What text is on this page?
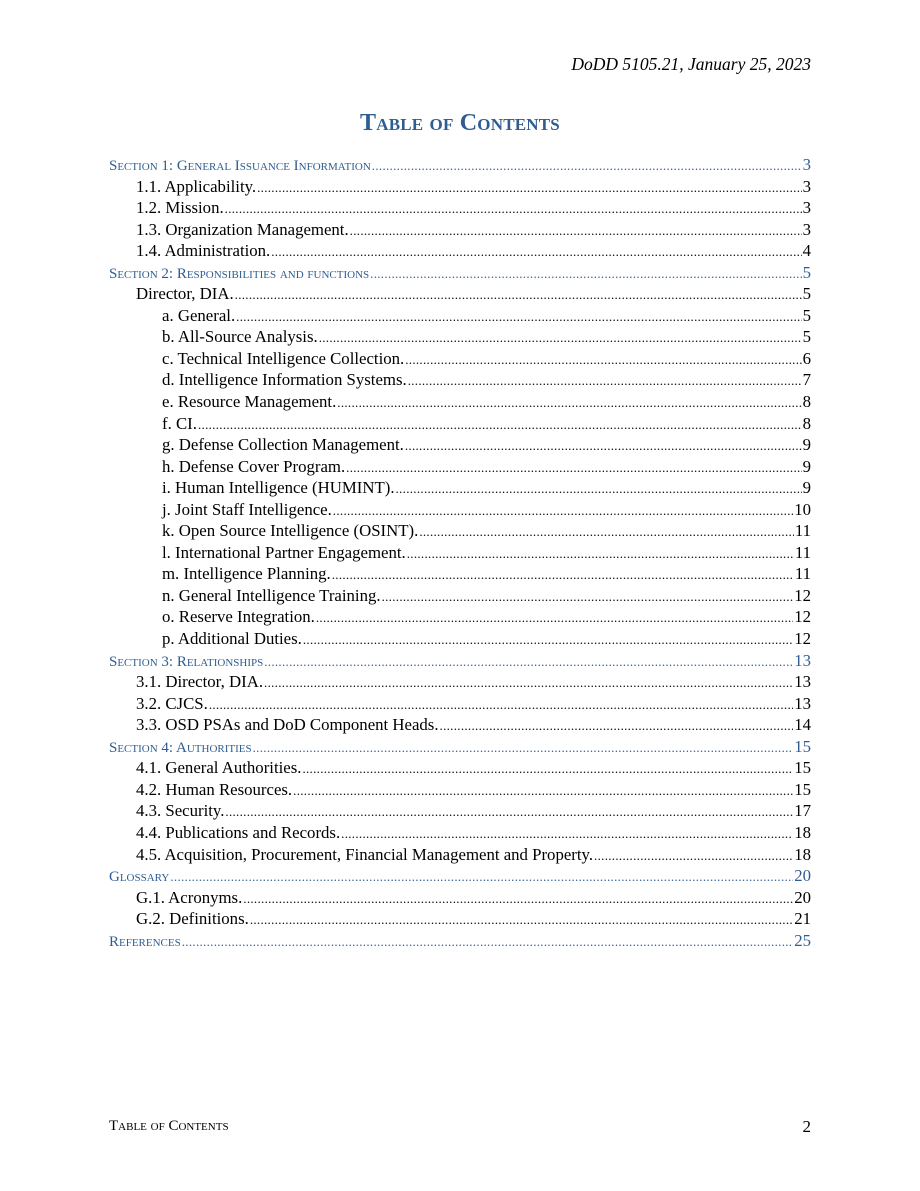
DoDD 5105.21, January 25, 2023
Table of Contents
Section 1: General Issuance Information .....	3
1.1. Applicability. .....	3
1.2. Mission. .....	3
1.3. Organization Management. .....	3
1.4. Administration. .....	4
Section 2: Responsibilities and functions .....	5
Director, DIA. .....	5
a. General. .....	5
b. All-Source Analysis. .....	5
c. Technical Intelligence Collection. .....	6
d. Intelligence Information Systems. .....	7
e. Resource Management. .....	8
f. CI. .....	8
g. Defense Collection Management. .....	9
h. Defense Cover Program. .....	9
i. Human Intelligence (HUMINT). .....	9
j. Joint Staff Intelligence. .....	10
k. Open Source Intelligence (OSINT). .....	11
l. International Partner Engagement. .....	11
m. Intelligence Planning. .....	11
n. General Intelligence Training. .....	12
o. Reserve Integration. .....	12
p. Additional Duties. .....	12
Section 3: Relationships .....	13
3.1. Director, DIA. .....	13
3.2. CJCS. .....	13
3.3. OSD PSAs and DoD Component Heads. .....	14
Section 4: Authorities .....	15
4.1. General Authorities. .....	15
4.2. Human Resources. .....	15
4.3. Security. .....	17
4.4. Publications and Records. .....	18
4.5. Acquisition, Procurement, Financial Management and Property. .....	18
Glossary .....	20
G.1. Acronyms. .....	20
G.2. Definitions. .....	21
References .....	25
Table of Contents	2
